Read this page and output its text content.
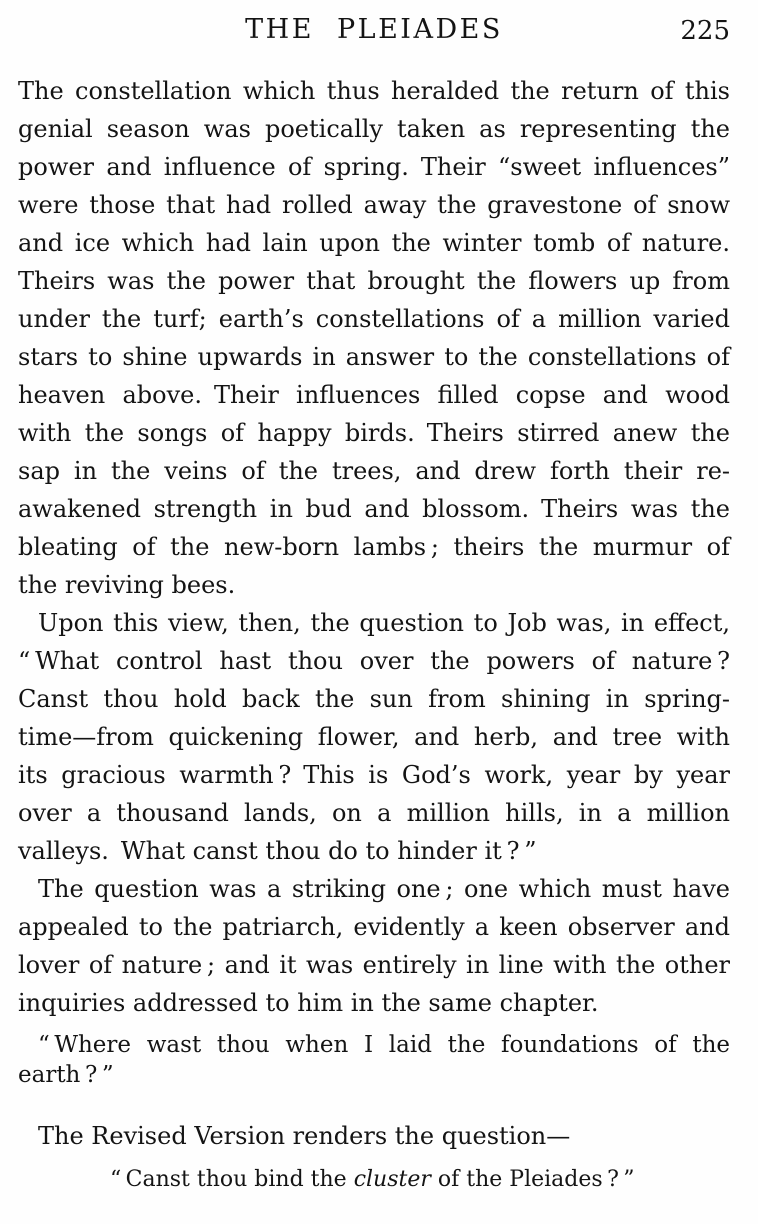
THE PLEIADES	225
The constellation which thus heralded the return of this
genial season was poetically taken as representing the
power and influence of spring. Their “sweet influences”
were those that had rolled away the gravestone of snow
and ice which had lain upon the winter tomb of nature.
Theirs was the power that brought the flowers up from
under the turf; earth’s constellations of a million varied
stars to shine upwards in answer to the constellations of
heaven above. Their influences filled copse and wood
with the songs of happy birds. Theirs stirred anew the
sap in the veins of the trees, and drew forth their re-
awakened strength in bud and blossom. Theirs was the
bleating of the new-born lambs ; theirs the murmur of
the reviving bees.
Upon this view, then, the question to Job was, in effect,
“ What control hast thou over the powers of nature ?
Canst thou hold back the sun from shining in spring-
time—from quickening flower, and herb, and tree with
its gracious warmth ? This is God’s work, year by year
over a thousand lands, on a million hills, in a million
valleys. What canst thou do to hinder it ? ”
The question was a striking one ; one which must have
appealed to the patriarch, evidently a keen observer and
lover of nature ; and it was entirely in line with the other
inquiries addressed to him in the same chapter.
“ Where wast thou when I laid the foundations of the
earth ? ”
The Revised Version renders the question—
“ Canst thou bind the cluster of the Pleiades ? ”
